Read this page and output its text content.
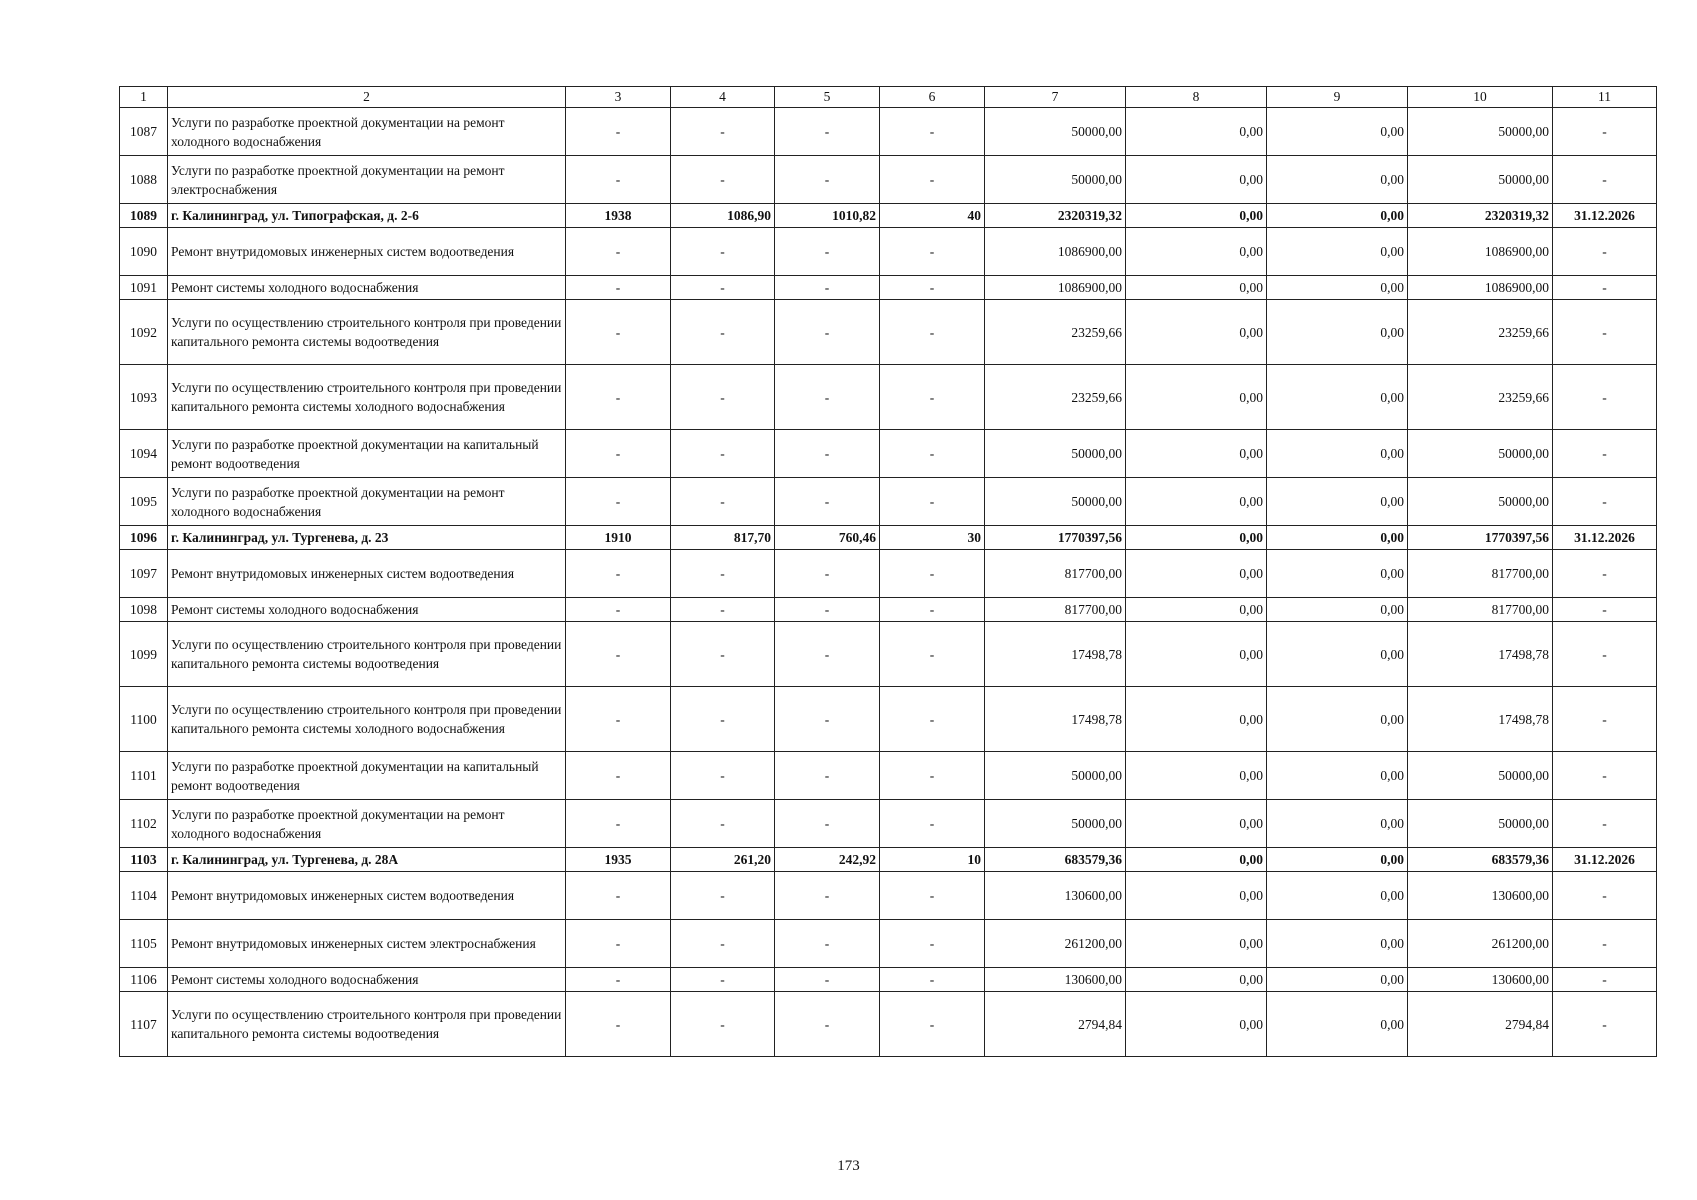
1	2	3	4	5	6	7	8	9	10	11
1087	Услуги по разработке проектной документации на ремонт холодного водоснабжения	-	-	-	-	50000,00	0,00	0,00	50000,00	-
1088	Услуги по разработке проектной документации на ремонт электроснабжения	-	-	-	-	50000,00	0,00	0,00	50000,00	-
1089	г. Калининград, ул. Типографская, д. 2-6	1938	1086,90	1010,82	40	2320319,32	0,00	0,00	2320319,32	31.12.2026
1090	Ремонт внутридомовых инженерных систем водоотведения	-	-	-	-	1086900,00	0,00	0,00	1086900,00	-
1091	Ремонт системы холодного водоснабжения	-	-	-	-	1086900,00	0,00	0,00	1086900,00	-
1092	Услуги по осуществлению строительного контроля при проведении капитального ремонта системы водоотведения	-	-	-	-	23259,66	0,00	0,00	23259,66	-
1093	Услуги по осуществлению строительного контроля при проведении капитального ремонта системы холодного водоснабжения	-	-	-	-	23259,66	0,00	0,00	23259,66	-
1094	Услуги по разработке проектной документации на капитальный ремонт водоотведения	-	-	-	-	50000,00	0,00	0,00	50000,00	-
1095	Услуги по разработке проектной документации на ремонт холодного водоснабжения	-	-	-	-	50000,00	0,00	0,00	50000,00	-
1096	г. Калининград, ул. Тургенева, д. 23	1910	817,70	760,46	30	1770397,56	0,00	0,00	1770397,56	31.12.2026
1097	Ремонт внутридомовых инженерных систем водоотведения	-	-	-	-	817700,00	0,00	0,00	817700,00	-
1098	Ремонт системы холодного водоснабжения	-	-	-	-	817700,00	0,00	0,00	817700,00	-
1099	Услуги по осуществлению строительного контроля при проведении капитального ремонта системы водоотведения	-	-	-	-	17498,78	0,00	0,00	17498,78	-
1100	Услуги по осуществлению строительного контроля при проведении капитального ремонта системы холодного водоснабжения	-	-	-	-	17498,78	0,00	0,00	17498,78	-
1101	Услуги по разработке проектной документации на капитальный ремонт водоотведения	-	-	-	-	50000,00	0,00	0,00	50000,00	-
1102	Услуги по разработке проектной документации на ремонт холодного водоснабжения	-	-	-	-	50000,00	0,00	0,00	50000,00	-
1103	г. Калининград, ул. Тургенева, д. 28А	1935	261,20	242,92	10	683579,36	0,00	0,00	683579,36	31.12.2026
1104	Ремонт внутридомовых инженерных систем водоотведения	-	-	-	-	130600,00	0,00	0,00	130600,00	-
1105	Ремонт внутридомовых инженерных систем электроснабжения	-	-	-	-	261200,00	0,00	0,00	261200,00	-
1106	Ремонт системы холодного водоснабжения	-	-	-	-	130600,00	0,00	0,00	130600,00	-
1107	Услуги по осуществлению строительного контроля при проведении капитального ремонта системы водоотведения	-	-	-	-	2794,84	0,00	0,00	2794,84	-
173
